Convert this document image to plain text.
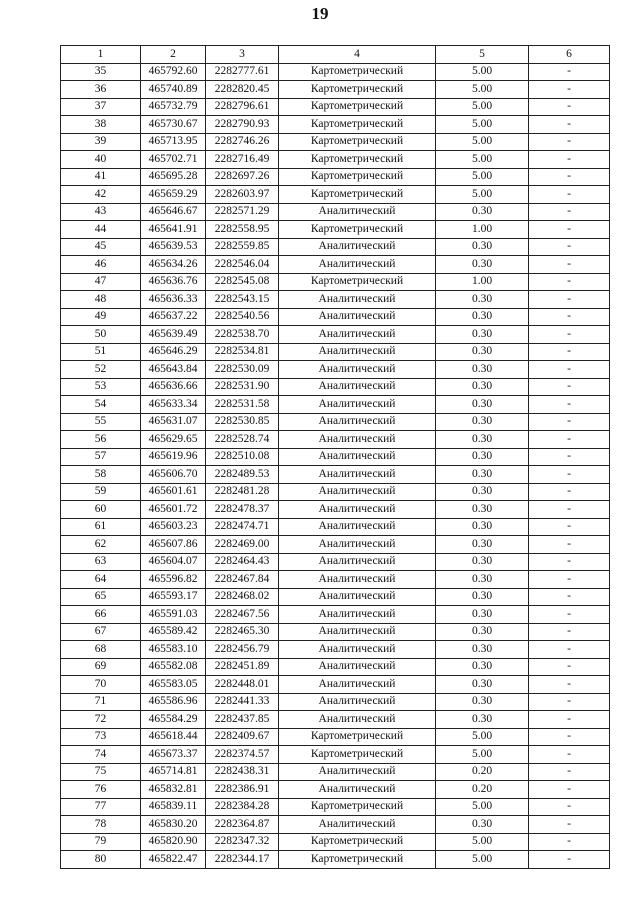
19
1	2	3	4	5	6
35	465792.60	2282777.61	Картометрический	5.00	-
36	465740.89	2282820.45	Картометрический	5.00	-
37	465732.79	2282796.61	Картометрический	5.00	-
38	465730.67	2282790.93	Картометрический	5.00	-
39	465713.95	2282746.26	Картометрический	5.00	-
40	465702.71	2282716.49	Картометрический	5.00	-
41	465695.28	2282697.26	Картометрический	5.00	-
42	465659.29	2282603.97	Картометрический	5.00	-
43	465646.67	2282571.29	Аналитический	0.30	-
44	465641.91	2282558.95	Картометрический	1.00	-
45	465639.53	2282559.85	Аналитический	0.30	-
46	465634.26	2282546.04	Аналитический	0.30	-
47	465636.76	2282545.08	Картометрический	1.00	-
48	465636.33	2282543.15	Аналитический	0.30	-
49	465637.22	2282540.56	Аналитический	0.30	-
50	465639.49	2282538.70	Аналитический	0.30	-
51	465646.29	2282534.81	Аналитический	0.30	-
52	465643.84	2282530.09	Аналитический	0.30	-
53	465636.66	2282531.90	Аналитический	0.30	-
54	465633.34	2282531.58	Аналитический	0.30	-
55	465631.07	2282530.85	Аналитический	0.30	-
56	465629.65	2282528.74	Аналитический	0.30	-
57	465619.96	2282510.08	Аналитический	0.30	-
58	465606.70	2282489.53	Аналитический	0.30	-
59	465601.61	2282481.28	Аналитический	0.30	-
60	465601.72	2282478.37	Аналитический	0.30	-
61	465603.23	2282474.71	Аналитический	0.30	-
62	465607.86	2282469.00	Аналитический	0.30	-
63	465604.07	2282464.43	Аналитический	0.30	-
64	465596.82	2282467.84	Аналитический	0.30	-
65	465593.17	2282468.02	Аналитический	0.30	-
66	465591.03	2282467.56	Аналитический	0.30	-
67	465589.42	2282465.30	Аналитический	0.30	-
68	465583.10	2282456.79	Аналитический	0.30	-
69	465582.08	2282451.89	Аналитический	0.30	-
70	465583.05	2282448.01	Аналитический	0.30	-
71	465586.96	2282441.33	Аналитический	0.30	-
72	465584.29	2282437.85	Аналитический	0.30	-
73	465618.44	2282409.67	Картометрический	5.00	-
74	465673.37	2282374.57	Картометрический	5.00	-
75	465714.81	2282438.31	Аналитический	0.20	-
76	465832.81	2282386.91	Аналитический	0.20	-
77	465839.11	2282384.28	Картометрический	5.00	-
78	465830.20	2282364.87	Аналитический	0.30	-
79	465820.90	2282347.32	Картометрический	5.00	-
80	465822.47	2282344.17	Картометрический	5.00	-
